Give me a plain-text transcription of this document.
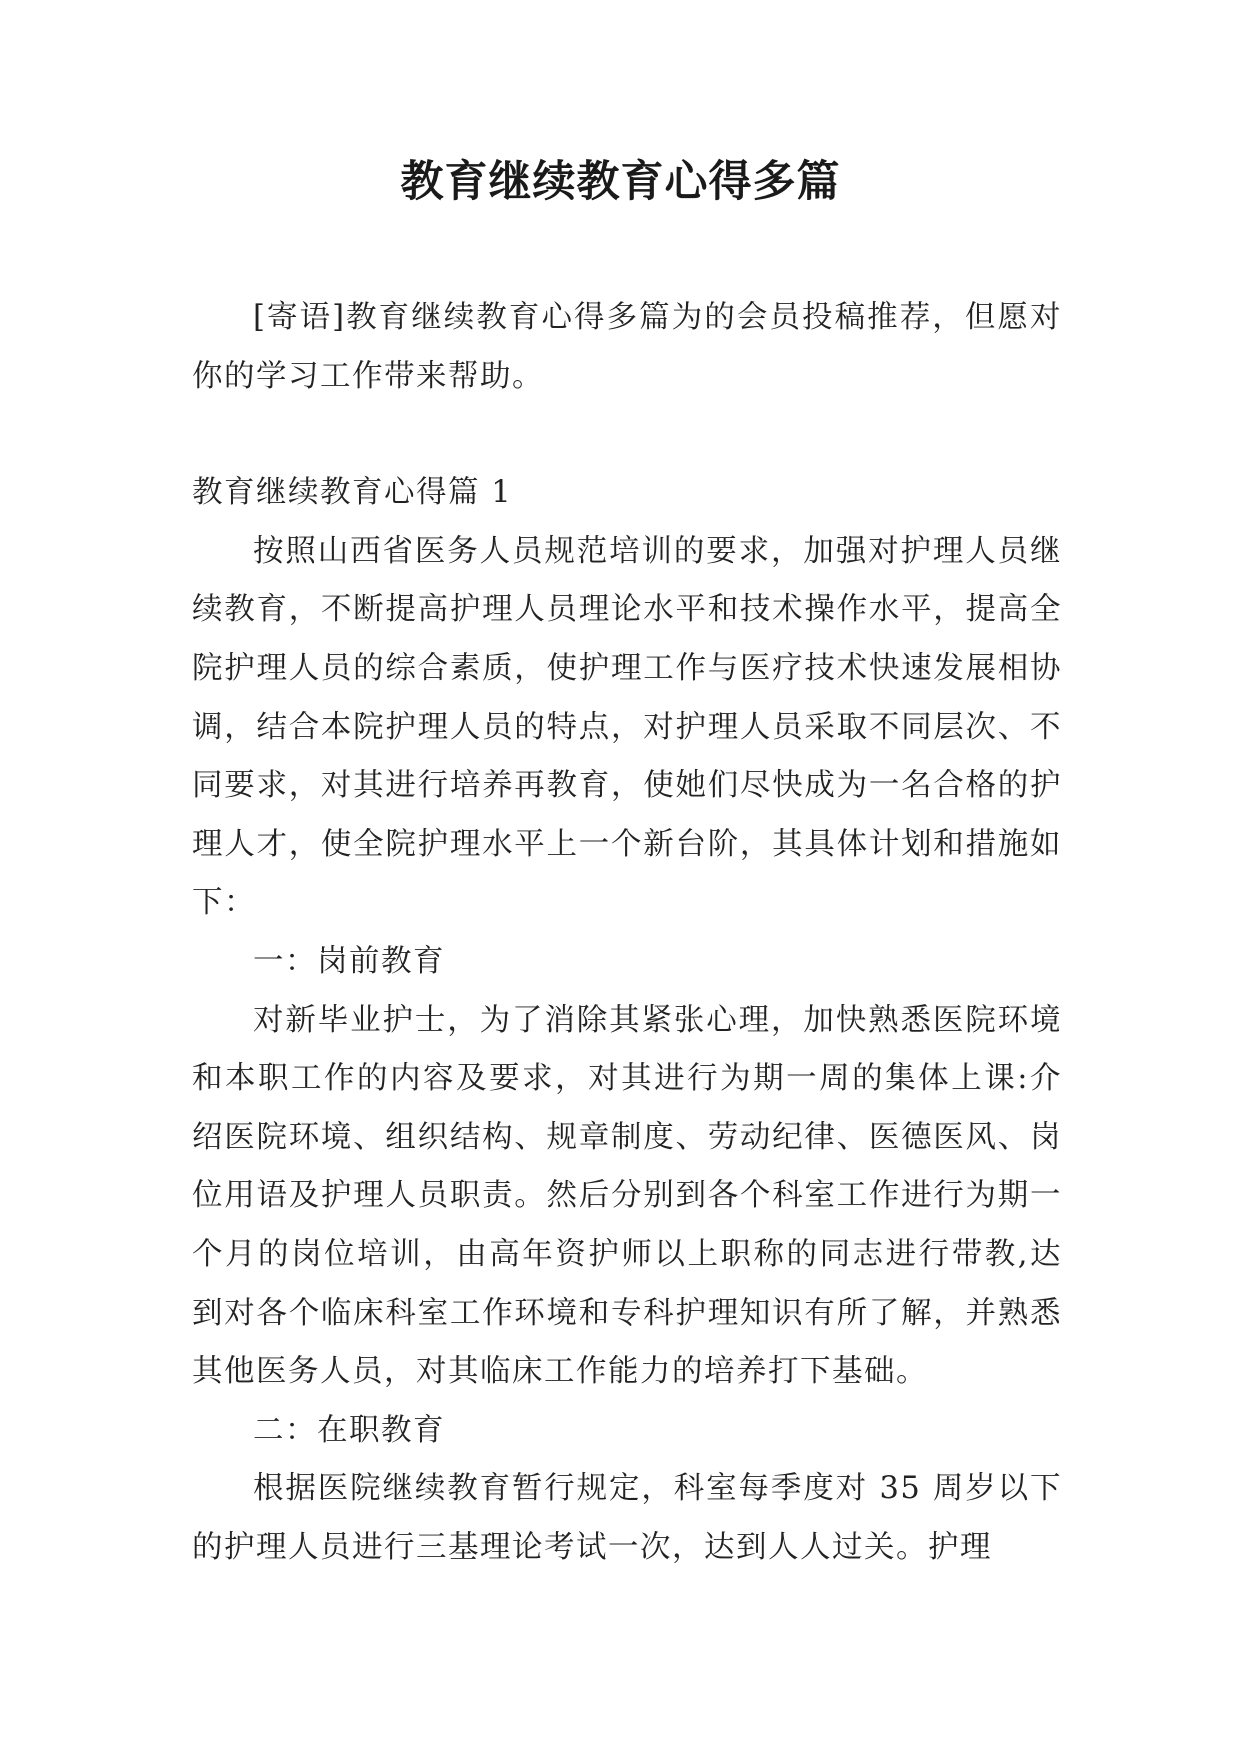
教育继续教育心得多篇

[寄语]教育继续教育心得多篇为的会员投稿推荐，但愿对你的学习工作带来帮助。

教育继续教育心得篇 1

按照山西省医务人员规范培训的要求，加强对护理人员继续教育，不断提高护理人员理论水平和技术操作水平，提高全院护理人员的综合素质，使护理工作与医疗技术快速发展相协调，结合本院护理人员的特点，对护理人员采取不同层次、不同要求，对其进行培养再教育，使她们尽快成为一名合格的护理人才，使全院护理水平上一个新台阶，其具体计划和措施如下：

一：岗前教育

对新毕业护士，为了消除其紧张心理，加快熟悉医院环境和本职工作的内容及要求，对其进行为期一周的集体上课:介绍医院环境、组织结构、规章制度、劳动纪律、医德医风、岗位用语及护理人员职责。然后分别到各个科室工作进行为期一个月的岗位培训，由高年资护师以上职称的同志进行带教,达到对各个临床科室工作环境和专科护理知识有所了解，并熟悉其他医务人员，对其临床工作能力的培养打下基础。

二：在职教育

根据医院继续教育暂行规定，科室每季度对 35 周岁以下的护理人员进行三基理论考试一次，达到人人过关。护理
